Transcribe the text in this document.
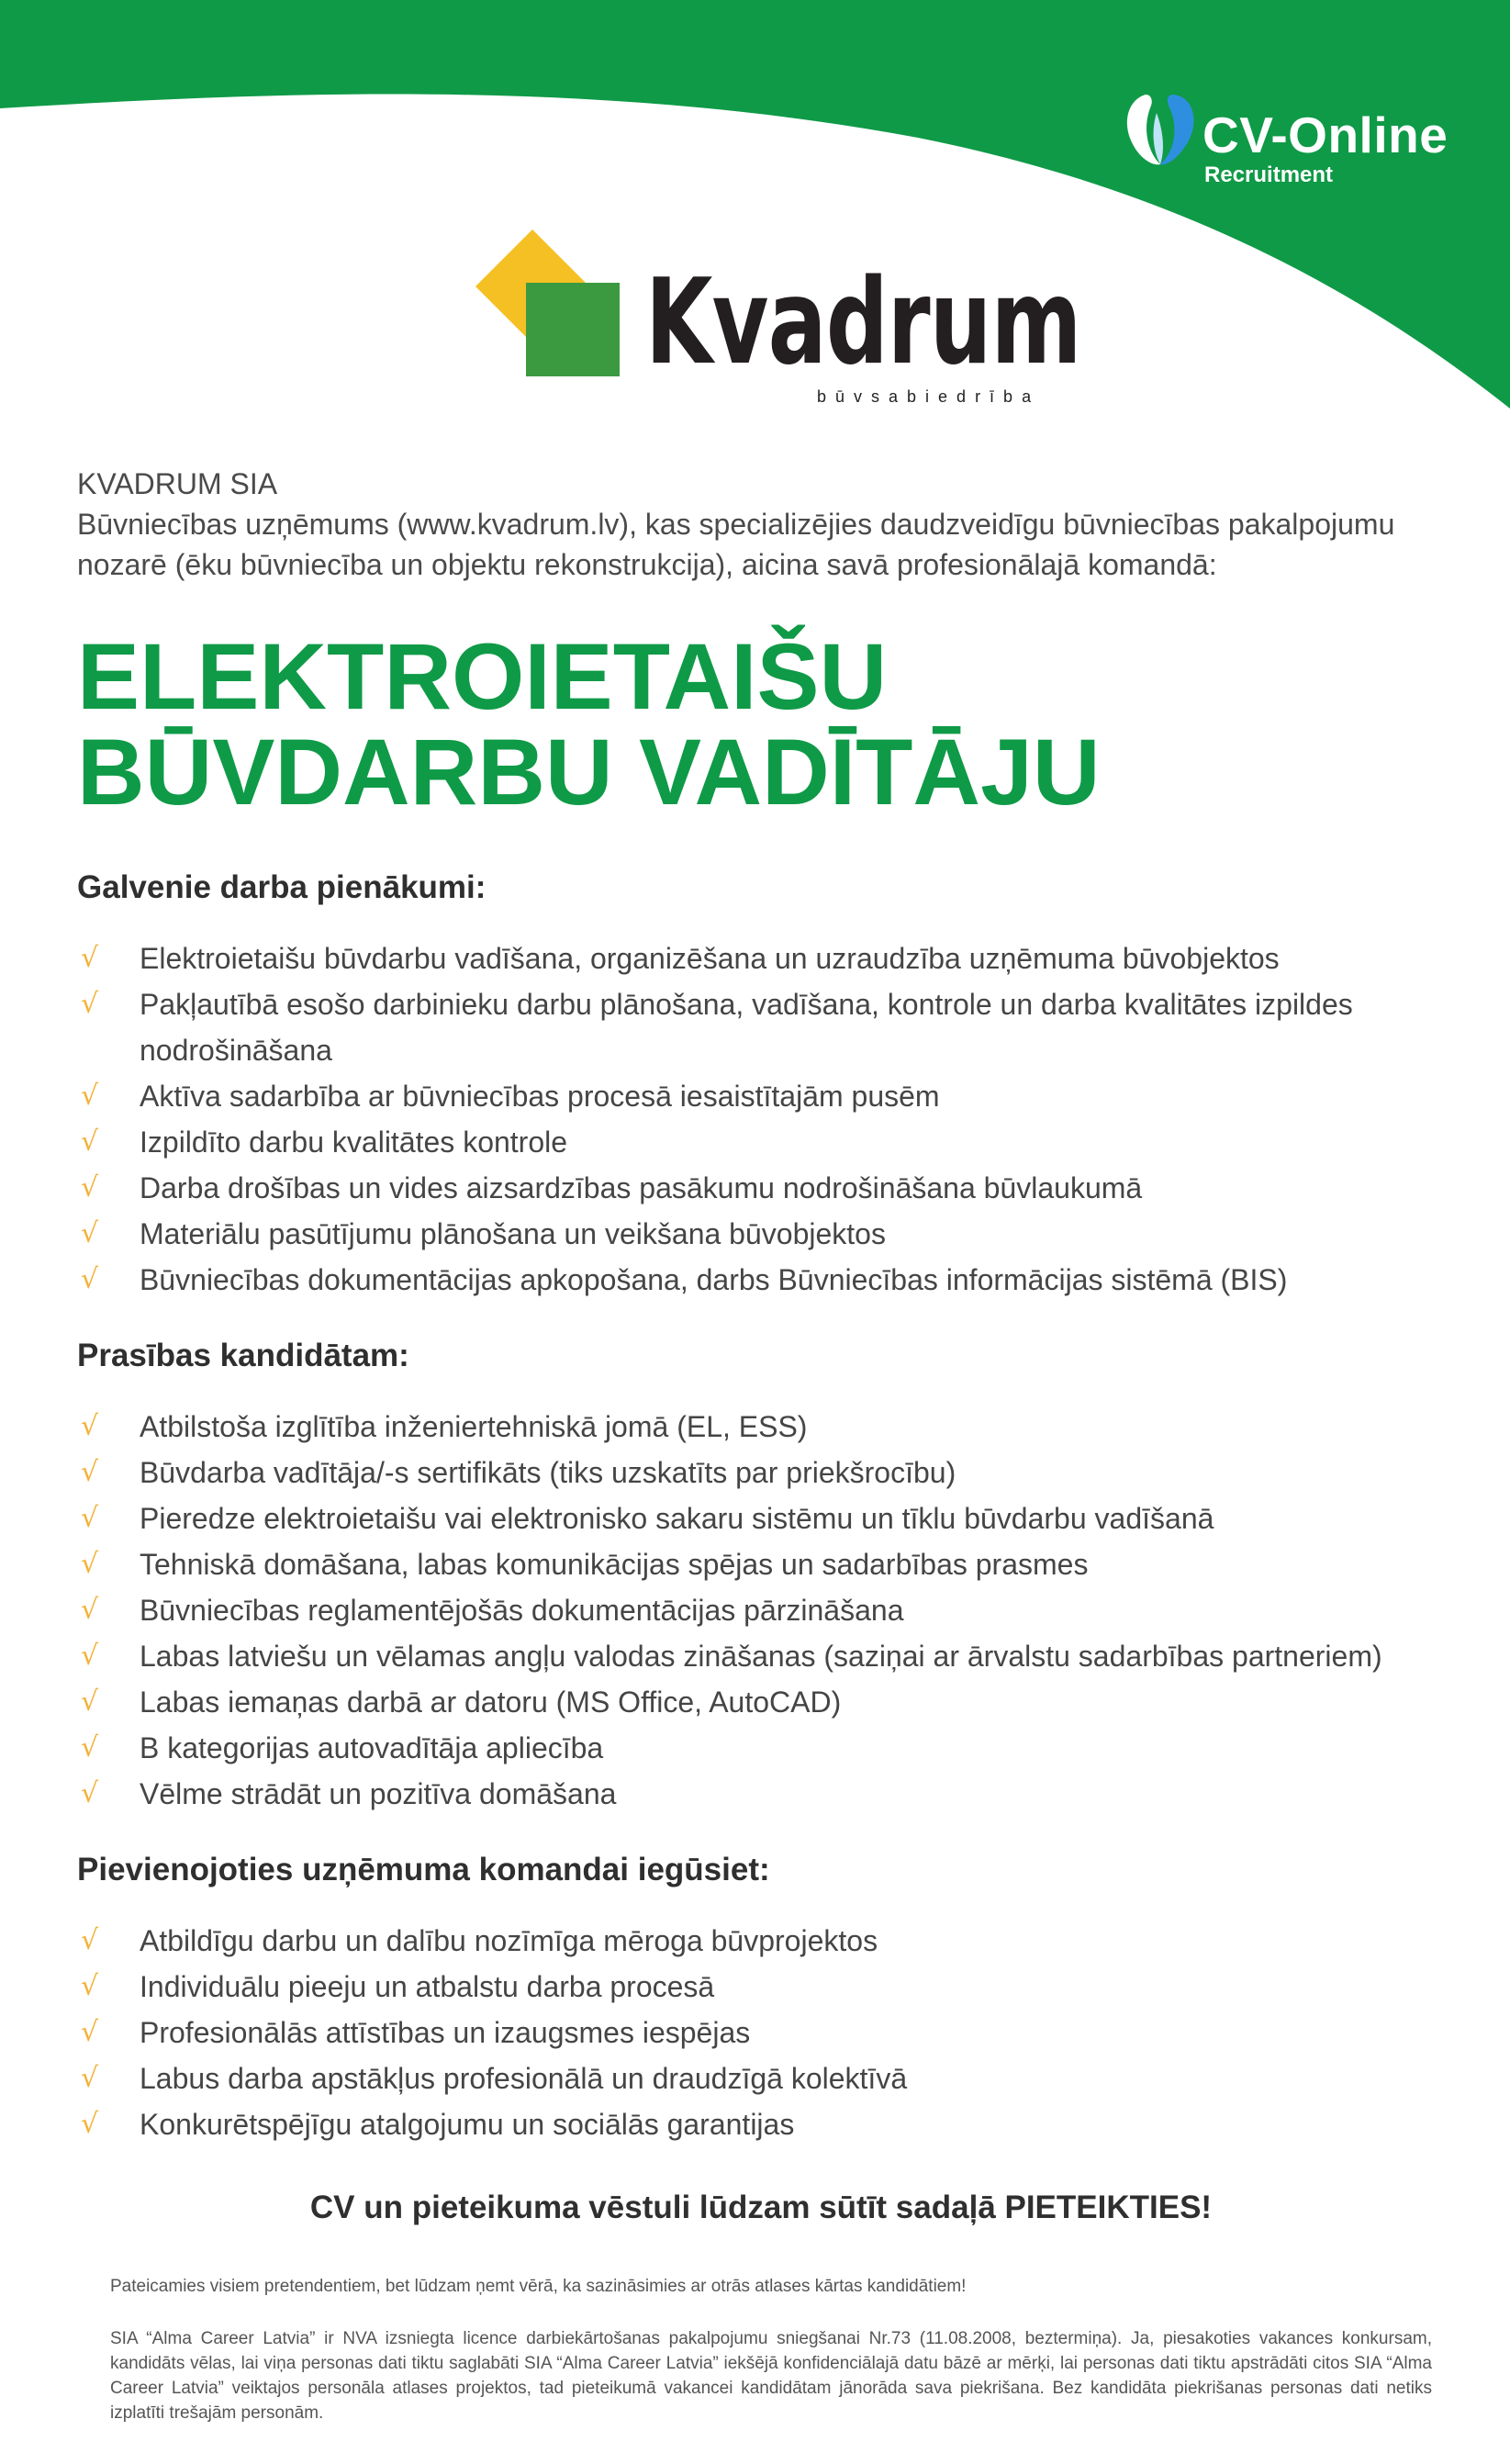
CV-Online
Recruitment
Kvadrum
būvsabiedrība

KVADRUM SIA

Būvniecības uzņēmums (www.kvadrum.lv), kas specializējies daudzveidīgu būvniecības pakalpojumu nozarē (ēku būvniecība un objektu rekonstrukcija), aicina savā profesionālajā komandā:

ELEKTROIETAIŠU BŪVDARBU VADĪTĀJU
Galvenie darba pienākumi:
√ Elektroietaišu būvdarbu vadīšana, organizēšana un uzraudzība uzņēmuma būvobjektos
√ Pakļautībā esošo darbinieku darbu plānošana, vadīšana, kontrole un darba kvalitātes izpildes nodrošināšana
√ Aktīva sadarbība ar būvniecības procesā iesaistītajām pusēm
√ Izpildīto darbu kvalitātes kontrole
√ Darba drošības un vides aizsardzības pasākumu nodrošināšana būvlaukumā
√ Materiālu pasūtījumu plānošana un veikšana būvobjektos
√ Būvniecības dokumentācijas apkopošana, darbs Būvniecības informācijas sistēmā (BIS)
Prasības kandidātam:
√ Atbilstoša izglītība inženiertehniskā jomā (EL, ESS)
√ Būvdarba vadītāja/-s sertifikāts (tiks uzskatīts par priekšrocību)
√ Pieredze elektroietaišu vai elektronisko sakaru sistēmu un tīklu būvdarbu vadīšanā
√ Tehniskā domāšana, labas komunikācijas spējas un sadarbības prasmes
√ Būvniecības reglamentējošās dokumentācijas pārzināšana
√ Labas latviešu un vēlamas angļu valodas zināšanas (saziņai ar ārvalstu sadarbības partneriem)
√ Labas iemaņas darbā ar datoru (MS Office, AutoCAD)
√ B kategorijas autovadītāja apliecība
√ Vēlme strādāt un pozitīva domāšana
Pievienojoties uzņēmuma komandai iegūsiet:
√ Atbildīgu darbu un dalību nozīmīga mēroga būvprojektos
√ Individuālu pieeju un atbalstu darba procesā
√ Profesionālās attīstības un izaugsmes iespējas
√ Labus darba apstākļus profesionālā un draudzīgā kolektīvā
√ Konkurētspējīgu atalgojumu un sociālās garantijas
CV un pieteikuma vēstuli lūdzam sūtīt sadaļā PIETEIKTIES!

Pateicamies visiem pretendentiem, bet lūdzam ņemt vērā, ka sazināsimies ar otrās atlases kārtas kandidātiem!

SIA “Alma Career Latvia” ir NVA izsniegta licence darbiekārtošanas pakalpojumu sniegšanai Nr.73 (11.08.2008, beztermiņa). Ja, piesakoties vakances konkursam, kandidāts vēlas, lai viņa personas dati tiktu saglabāti SIA “Alma Career Latvia” iekšējā konfidenciālajā datu bāzē ar mērķi, lai personas dati tiktu apstrādāti citos SIA “Alma Career Latvia” veiktajos personāla atlases projektos, tad pieteikumā vakancei kandidātam jānorāda sava piekrišana. Bez kandidāta piekrišanas personas dati netiks izplatīti trešajām personām.
